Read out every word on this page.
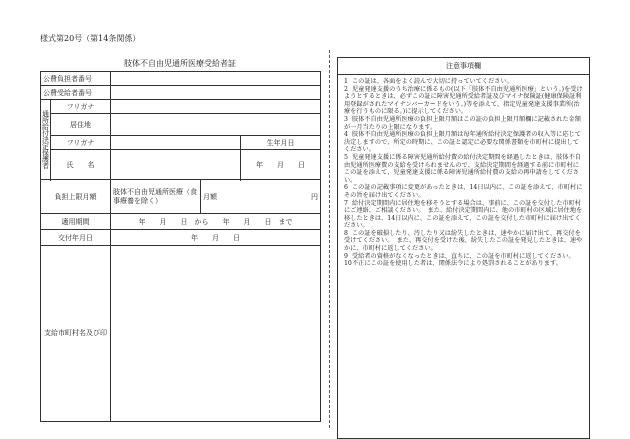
様式第20号（第14条関係）
肢体不自由児通所医療受給者証
公費負担者番号				
公費受給者番号				
通所給付決定保護者	フリガナ			
	居住地			
	フリガナ			生年月日
	氏　　名			年　　月　　日

負担上限月額		肢体不自由児通所医療（食事療養を除く）	月額 円	

適用期間		年　　月　　日　から　　年　　月　　日　まで		
交付年月日		年　　月　　日		
支給市町村名及び印				
注意事項欄
1 この証は、各面をよく読んで大切に持っていてください。
2 児童発達支援のうち治療に係るもの(以下「肢体不自由児通所医療」という。)を受けようとするときは、必ずこの証に障害児通所受給者証及びマイナ保険証(健康保険証利用登録がされたマイナンバーカードをいう。)等を添えて、指定児童発達支援事業所(治療を行うものに限る。)に提示してください。
3 肢体不自由児通所医療の負担上限月額はこの証の負担上限月額欄に記載された金額が一月当たりの上限になります。
4 肢体不自由児通所医療の負担上限月額は毎年通所給付決定保護者の収入等に応じて決定しますので、所定の時期に、この証と認定に必要な関係書類を市町村に提出してください。
5 児童発達支援に係る障害児通所給付費の給付決定期間を経過したときは、肢体不自由児通所医療費の支給を受けられませんので、支給決定期間を経過する前に市町村にこの証を添えて、児童発達支援に係る障害児通所給付費の支給の再申請をしてください。
6 この証の記載事項に変更があったときは、14日以内に、この証を添えて、市町村にその旨を届け出てください。
7 給付決定期間内に居住地を移そうとする場合は、事前に、この証を交付した市町村にご連絡、ご相談ください。　また、給付決定期間内に、他の市町村の区域に居住地を移したときは、14日以内に、この証を添えて、この証を交付した市町村に届け出てください。
8 この証を破損したり、汚したり又は紛失したときは、速やかに届け出て、再交付を受けてください。　また、再交付を受けた後、紛失したこの証を発見したときは、速やかに、市町村に返してください。
9 受給者の資格がなくなったときは、直ちに、この証を市町村に返してください。
10不正にこの証を使用した者は、関係法令により処罰されることがあります。
